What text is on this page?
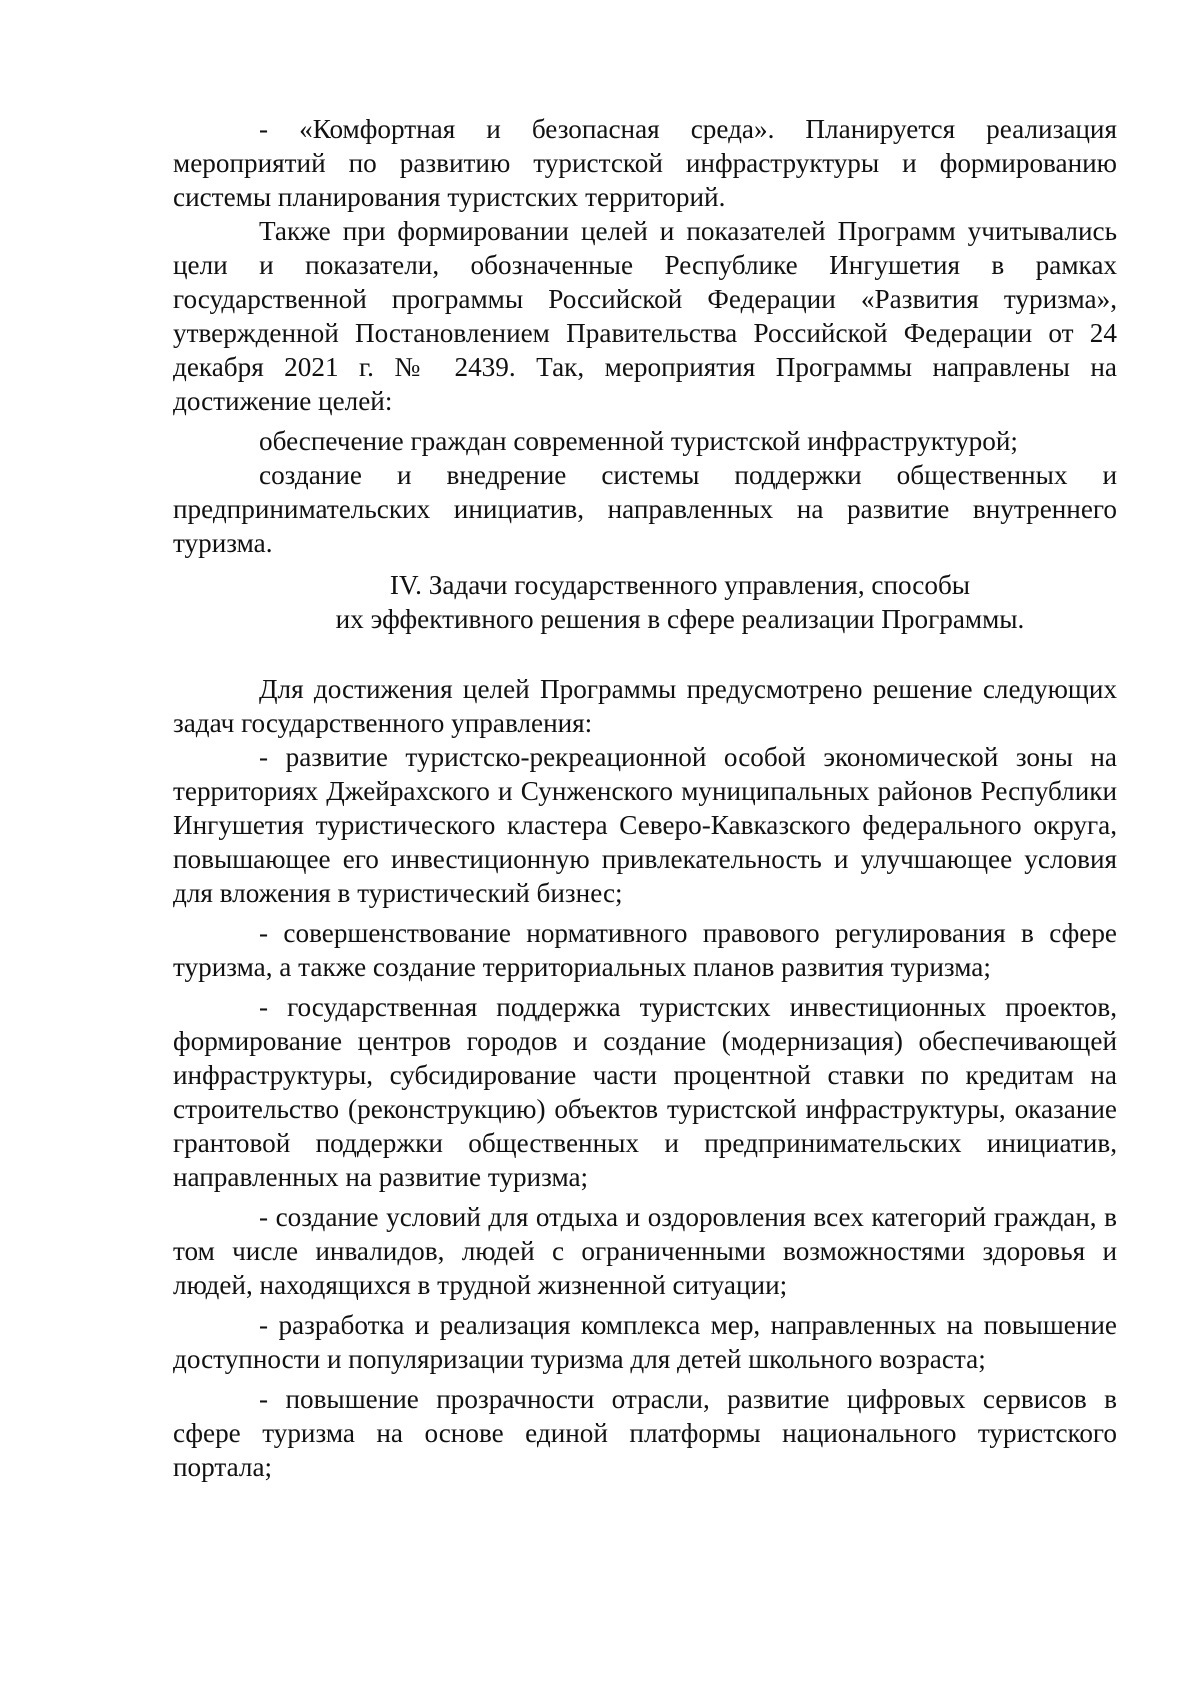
- «Комфортная и безопасная среда». Планируется реализация мероприятий по развитию туристской инфраструктуры и формированию системы планирования туристских территорий.

Также при формировании целей и показателей Программ учитывались цели и показатели, обозначенные Республике Ингушетия в рамках государственной программы Российской Федерации «Развития туризма», утвержденной Постановлением Правительства Российской Федерации от 24 декабря 2021 г. № 2439. Так, мероприятия Программы направлены на достижение целей:

обеспечение граждан современной туристской инфраструктурой;

создание и внедрение системы поддержки общественных и предпринимательских инициатив, направленных на развитие внутреннего туризма.

IV. Задачи государственного управления, способы

их эффективного решения в сфере реализации Программы.

Для достижения целей Программы предусмотрено решение следующих задач государственного управления:

- развитие туристско-рекреационной особой экономической зоны на территориях Джейрахского и Сунженского муниципальных районов Республики Ингушетия туристического кластера Северо-Кавказского федерального округа, повышающее его инвестиционную привлекательность и улучшающее условия для вложения в туристический бизнес;

- совершенствование нормативного правового регулирования в сфере туризма, а также создание территориальных планов развития туризма;

- государственная поддержка туристских инвестиционных проектов, формирование центров городов и создание (модернизация) обеспечивающей инфраструктуры, субсидирование части процентной ставки по кредитам на строительство (реконструкцию) объектов туристской инфраструктуры, оказание грантовой поддержки общественных и предпринимательских инициатив, направленных на развитие туризма;

- создание условий для отдыха и оздоровления всех категорий граждан, в том числе инвалидов, людей с ограниченными возможностями здоровья и людей, находящихся в трудной жизненной ситуации;

- разработка и реализация комплекса мер, направленных на повышение доступности и популяризации туризма для детей школьного возраста;

- повышение прозрачности отрасли, развитие цифровых сервисов в сфере туризма на основе единой платформы национального туристского портала;
